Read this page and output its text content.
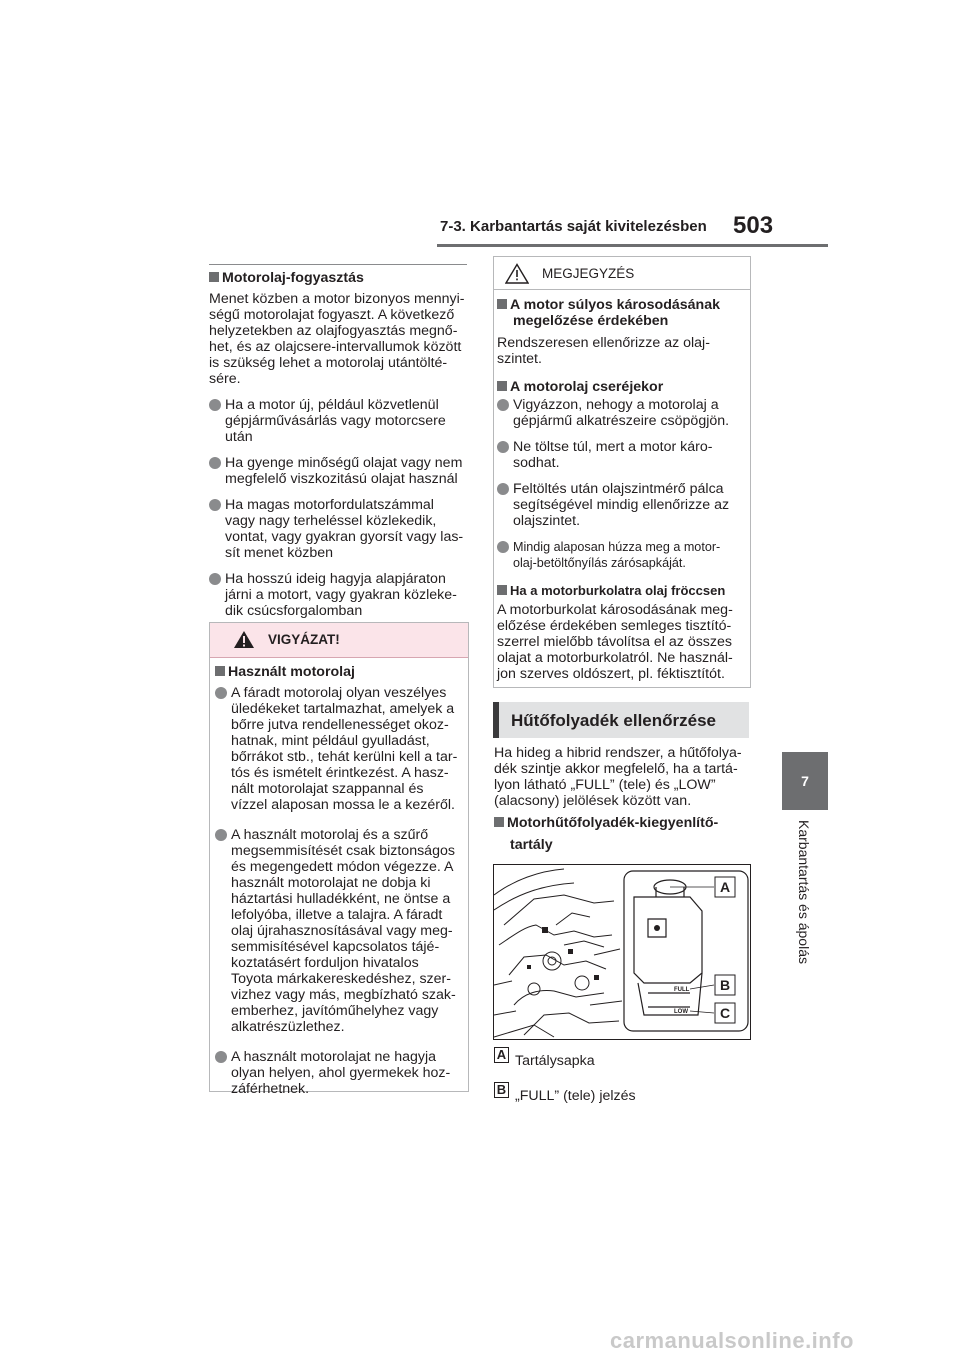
7-3. Karbantartás saját kivitelezésben 503
7
Karbantartás és ápolás

Motorolaj-fogyasztás

Menet közben a motor bizonyos mennyi-
ségű motorolajat fogyaszt. A következő
helyzetekben az olajfogyasztás megnő-
het, és az olajcsere-intervallumok között
is szükség lehet a motorolaj utántölté-
sére.

Ha a motor új, például közvetlenül
gépjárművásárlás vagy motorcsere
után
Ha gyenge minőségű olajat vagy nem
megfelelő viszkozitású olajat használ
Ha magas motorfordulatszámmal
vagy nagy terheléssel közlekedik,
vontat, vagy gyakran gyorsít vagy las-
sít menet közben
Ha hosszú ideig hagyja alapjáraton
járni a motort, vagy gyakran közleke-
dik csúcsforgalomban
VIGYÁZAT!

Használt motorolaj

A fáradt motorolaj olyan veszélyes
üledékeket tartalmazhat, amelyek a
bőrre jutva rendellenességet okoz-
hatnak, mint például gyulladást,
bőrrákot stb., tehát kerülni kell a tar-
tós és ismételt érintkezést. A hasz-
nált motorolajat szappannal és
vízzel alaposan mossa le a kezéről.
A használt motorolaj és a szűrő
megsemmisítését csak biztonságos
és megengedett módon végezze. A
használt motorolajat ne dobja ki
háztartási hulladékként, ne öntse a
lefolyóba, illetve a talajra. A fáradt
olaj újrahasznosításával vagy meg-
semmisítésével kapcsolatos tájé-
koztatásért forduljon hivatalos
Toyota márkakereskedéshez, szer-
vizhez vagy más, megbízható szak-
emberhez, javítóműhelyhez vagy
alkatrészüzlethez.
A használt motorolajat ne hagyja
olyan helyen, ahol gyermekek hoz-
záférhetnek.
MEGJEGYZÉS

A motor súlyos károsodásának
megelőzése érdekében

Rendszeresen ellenőrizze az olaj-
szintet.

A motorolaj cseréjekor

Vigyázzon, nehogy a motorolaj a
gépjármű alkatrészeire csöpögjön.
Ne töltse túl, mert a motor káro-
sodhat.
Feltöltés után olajszintmérő pálca
segítségével mindig ellenőrizze az
olajszintet.
Mindig alaposan húzza meg a motor-
olaj-betöltőnyílás zárósapkáját.

Ha a motorburkolatra olaj fröccsen

A motorburkolat károsodásának meg-
előzése érdekében semleges tisztító-
szerrel mielőbb távolítsa el az összes
olajat a motorburkolatról. Ne használ-
jon szerves oldószert, pl. féktisztítót.

Hűtőfolyadék ellenőrzése

Ha hideg a hibrid rendszer, a hűtőfolya-
dék szintje akkor megfelelő, ha a tartá-
lyon látható „FULL” (tele) és „LOW”
(alacsony) jelölések között van.

Motorhűtőfolyadék-kiegyenlítő-
tartály

FULL
LOW
A
B
C
A Tartálysapka
B „FULL” (tele) jelzés
carmanualsonline.info
